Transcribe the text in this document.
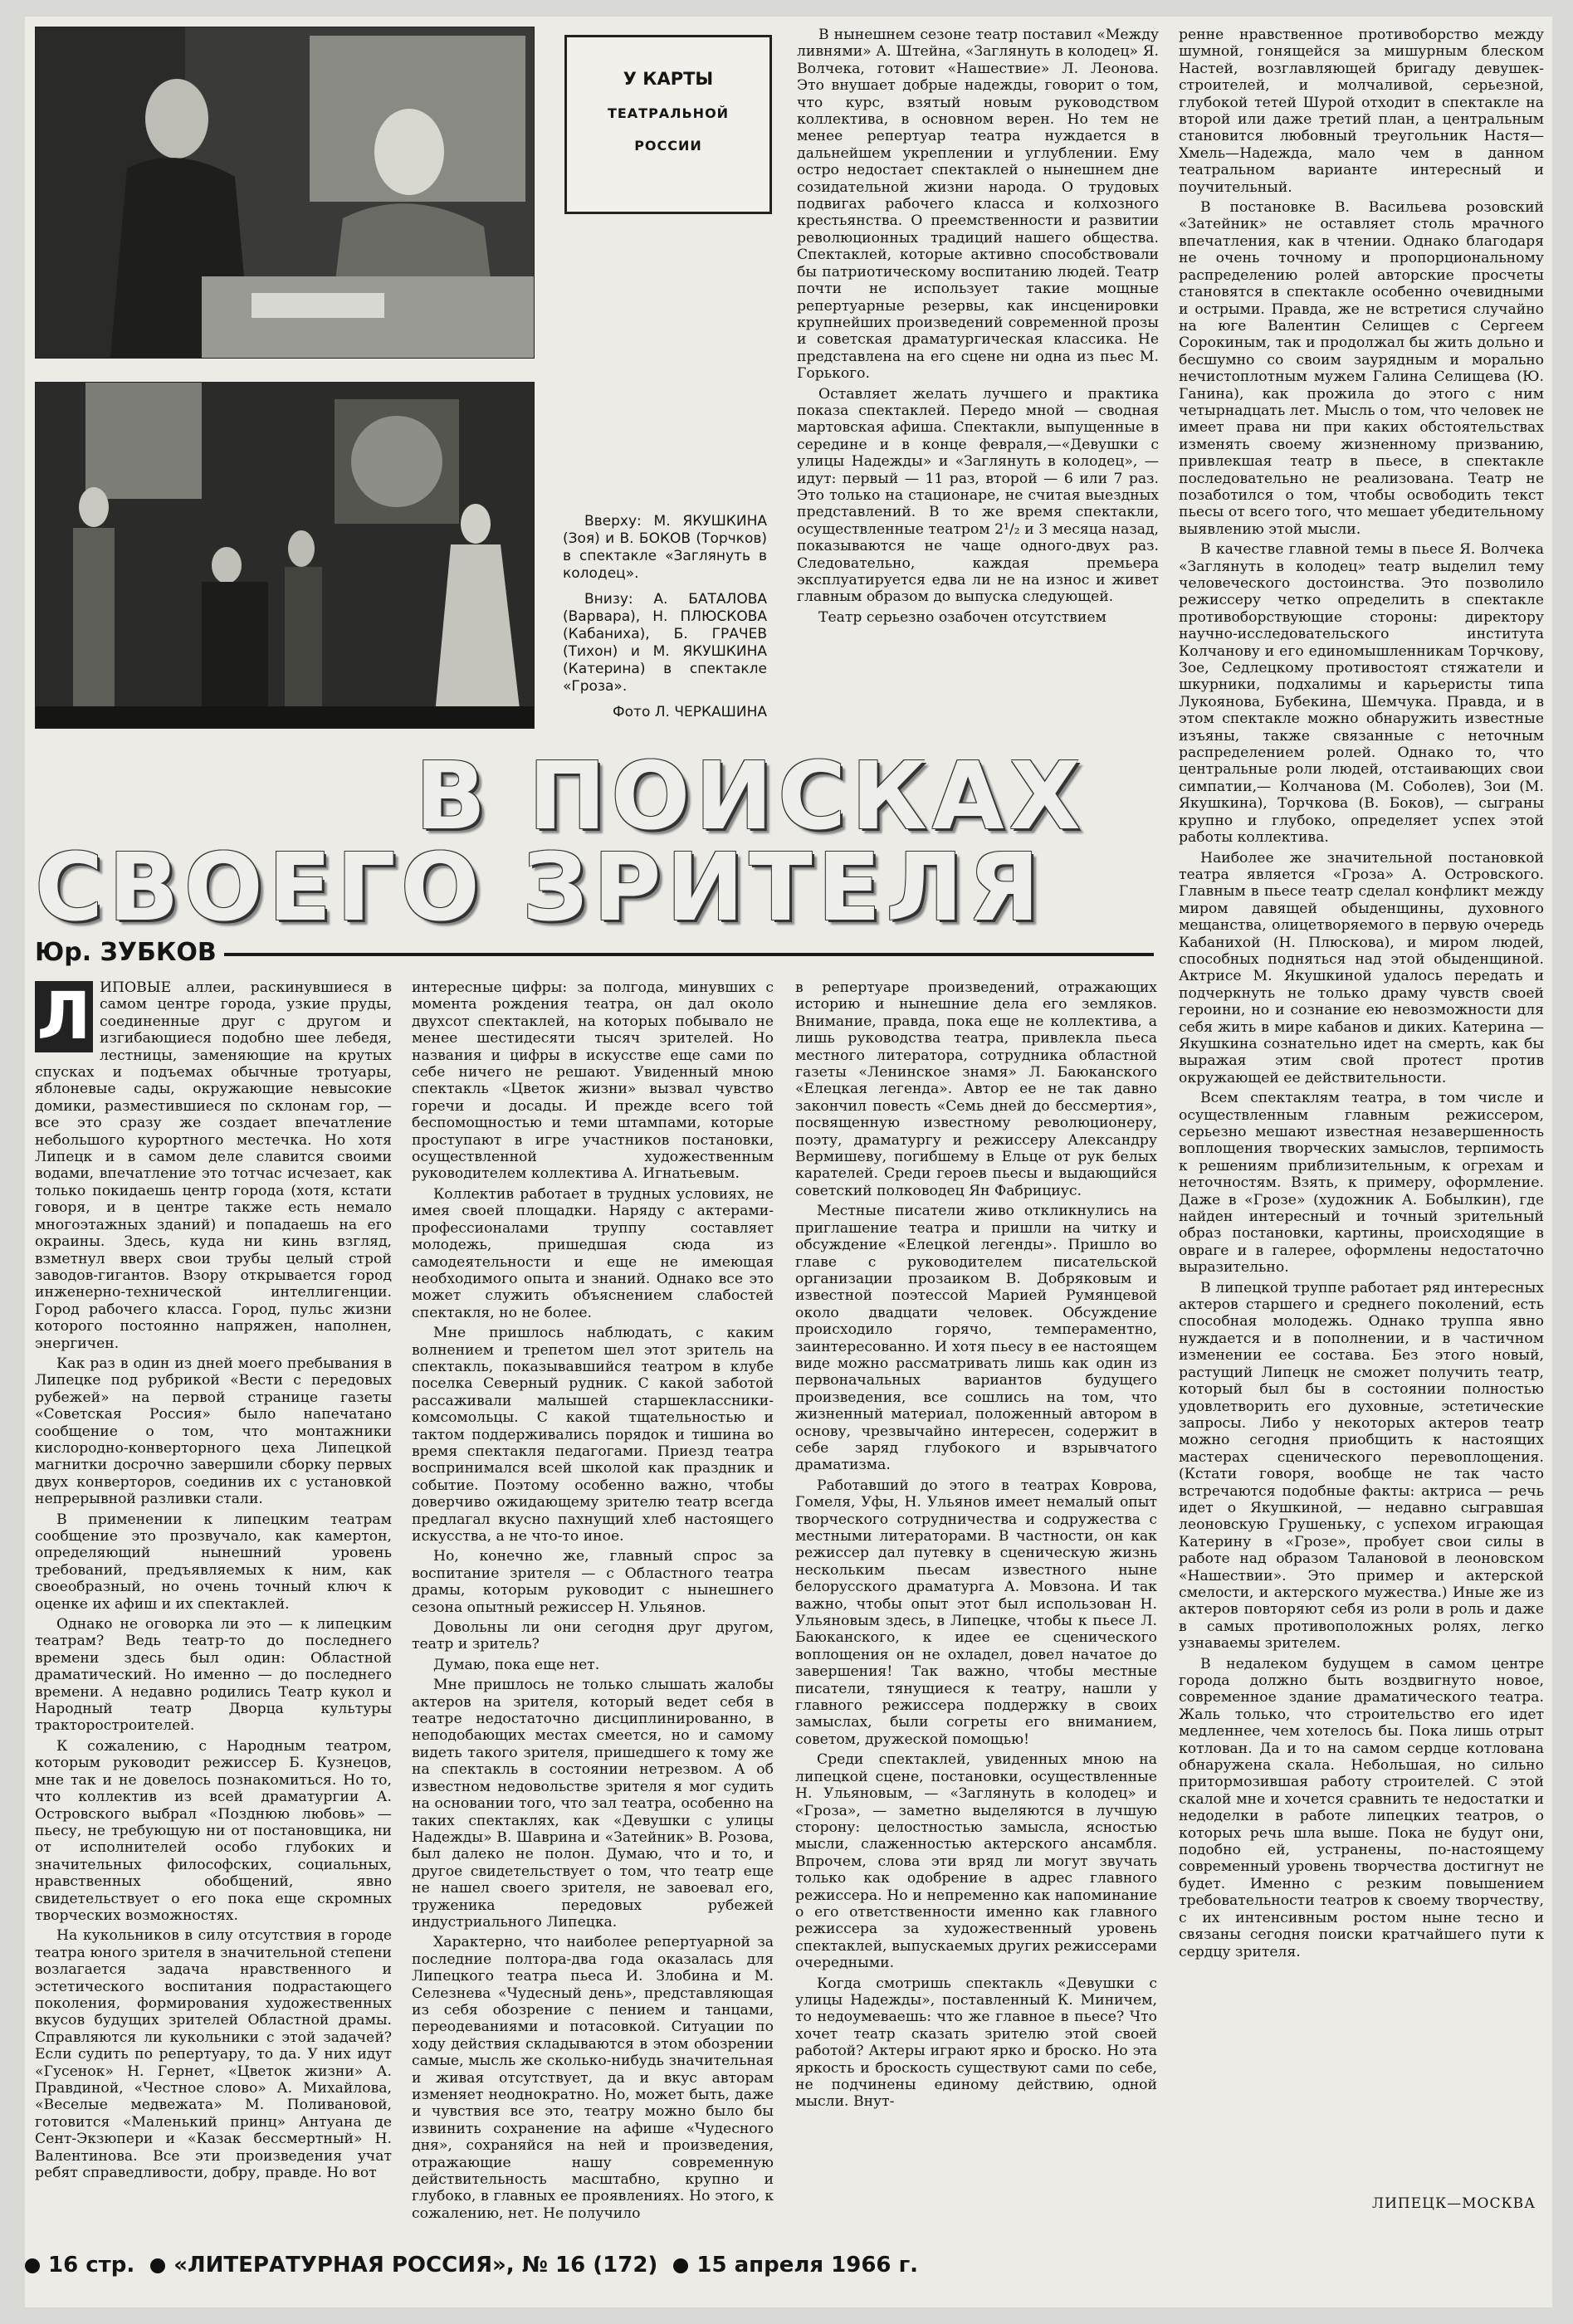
У КАРТЫ
ТЕАТРАЛЬНОЙ
РОССИИ

Вверху: М. ЯКУШКИНА (Зоя) и В. БОКОВ (Торчков) в спектакле «Заглянуть в колодец».

Внизу: А. БАТАЛОВА (Варвара), Н. ПЛЮСКОВА (Кабаниха), Б. ГРАЧЕВ (Тихон) и М. ЯКУШКИНА (Катерина) в спектакле «Гроза».

Фото Л. ЧЕРКАШИНА

В нынешнем сезоне театр поставил «Между ливнями» А. Штейна, «Заглянуть в колодец» Я. Волчека, готовит «Нашествие» Л. Леонова. Это внушает добрые надежды, говорит о том, что курс, взятый новым руководством коллектива, в основном верен. Но тем не менее репертуар театра нуждается в дальнейшем укреплении и углублении. Ему остро недостает спектаклей о нынешнем дне созидательной жизни народа. О трудовых подвигах рабочего класса и колхозного крестьянства. О преемственности и развитии революционных традиций нашего общества. Спектаклей, которые активно способствовали бы патриотическому воспитанию людей. Театр почти не использует такие мощные репертуарные резервы, как инсценировки крупнейших произведений современной прозы и советская драматургическая классика. Не представлена на его сцене ни одна из пьес М. Горького.

Оставляет желать лучшего и практика показа спектаклей. Передо мной — сводная мартовская афиша. Спектакли, выпущенные в середине и в конце февраля,—«Девушки с улицы Надежды» и «Заглянуть в колодец», — идут: первый — 11 раз, второй — 6 или 7 раз. Это только на стационаре, не считая выездных представлений. В то же время спектакли, осуществленные театром 2¹/₂ и 3 месяца назад, показываются не чаще одного-двух раз. Следовательно, каждая премьера эксплуатируется едва ли не на износ и живет главным образом до выпуска следующей.

Театр серьезно озабочен отсутствием

ренне нравственное противоборство между шумной, гонящейся за мишурным блеском Настей, возглавляющей бригаду девушек-строителей, и молчаливой, серьезной, глубокой тетей Шурой отходит в спектакле на второй или даже третий план, а центральным становится любовный треугольник Настя—Хмель—Надежда, мало чем в данном театральном варианте интересный и поучительный.

В постановке В. Васильева розовский «Затейник» не оставляет столь мрачного впечатления, как в чтении. Однако благодаря не очень точному и пропорциональному распределению ролей авторские просчеты становятся в спектакле особенно очевидными и острыми. Правда, же не встретися случайно на юге Валентин Селищев с Сергеем Сорокиным, так и продолжал бы жить дольно и бесшумно со своим заурядным и морально нечистоплотным мужем Галина Селищева (Ю. Ганина), как прожила до этого с ним четырнадцать лет. Мысль о том, что человек не имеет права ни при каких обстоятельствах изменять своему жизненному призванию, привлекшая театр в пьесе, в спектакле последовательно не реализована. Театр не позаботился о том, чтобы освободить текст пьесы от всего того, что мешает убедительному выявлению этой мысли.

В качестве главной темы в пьесе Я. Волчека «Заглянуть в колодец» театр выделил тему человеческого достоинства. Это позволило режиссеру четко определить в спектакле противоборствующие стороны: директору научно-исследовательского института Колчанову и его единомышленникам Торчкову, Зое, Седлецкому противостоят стяжатели и шкурники, подхалимы и карьеристы типа Лукоянова, Бубекина, Шемчука. Правда, и в этом спектакле можно обнаружить известные изъяны, также связанные с неточным распределением ролей. Однако то, что центральные роли людей, отстаивающих свои симпатии,— Колчанова (М. Соболев), Зои (М. Якушкина), Торчкова (В. Боков), — сыграны крупно и глубоко, определяет успех этой работы коллектива.

Наиболее же значительной постановкой театра является «Гроза» А. Островского. Главным в пьесе театр сделал конфликт между миром давящей обыденщины, духовного мещанства, олицетворяемого в первую очередь Кабанихой (Н. Плюскова), и миром людей, способных подняться над этой обыденщиной. Актрисе М. Якушкиной удалось передать и подчеркнуть не только драму чувств своей героини, но и сознание ею невозможности для себя жить в мире кабанов и диких. Катерина — Якушкина сознательно идет на смерть, как бы выражая этим свой протест против окружающей ее действительности.

Всем спектаклям театра, в том числе и осуществленным главным режиссером, серьезно мешают известная незавершенность воплощения творческих замыслов, терпимость к решениям приблизительным, к огрехам и неточностям. Взять, к примеру, оформление. Даже в «Грозе» (художник А. Бобылкин), где найден интересный и точный зрительный образ постановки, картины, происходящие в овраге и в галерее, оформлены недостаточно выразительно.

В липецкой труппе работает ряд интересных актеров старшего и среднего поколений, есть способная молодежь. Однако труппа явно нуждается и в пополнении, и в частичном изменении ее состава. Без этого новый, растущий Липецк не сможет получить театр, который был бы в состоянии полностью удовлетворить его духовные, эстетические запросы. Либо у некоторых актеров театр можно сегодня приобщить к настоящих мастерах сценического перевоплощения. (Кстати говоря, вообще не так часто встречаются подобные факты: актриса — речь идет о Якушкиной, — недавно сыгравшая леоновскую Грушеньку, с успехом играющая Катерину в «Грозе», пробует свои силы в работе над образом Талановой в леоновском «Нашествии». Это пример и актерской смелости, и актерского мужества.) Иные же из актеров повторяют себя из роли в роль и даже в самых противоположных ролях, легко узнаваемы зрителем.

В недалеком будущем в самом центре города должно быть воздвигнуто новое, современное здание драматического театра. Жаль только, что строительство его идет медленнее, чем хотелось бы. Пока лишь отрыт котлован. Да и то на самом сердце котлована обнаружена скала. Небольшая, но сильно притормозившая работу строителей. С этой скалой мне и хочется сравнить те недостатки и недоделки в работе липецких театров, о которых речь шла выше. Пока не будут они, подобно ей, устранены, по-настоящему современный уровень творчества достигнут не будет. Именно с резким повышением требовательности театров к своему творчеству, с их интенсивным ростом ныне тесно и связаны сегодня поиски кратчайшего пути к сердцу зрителя.

ЛИПЕЦК—МОСКВА
В ПОИСКАХ
СВОЕГО ЗРИТЕЛЯ
Юр. ЗУБКОВ

Л ИПОВЫЕ аллеи, раскинувшиеся в самом центре города, узкие пруды, соединенные друг с другом и изгибающиеся подобно шее лебедя, лестницы, заменяющие на крутых спусках и подъемах обычные тротуары, яблоневые сады, окружающие невысокие домики, разместившиеся по склонам гор, — все это сразу же создает впечатление небольшого курортного местечка. Но хотя Липецк и в самом деле славится своими водами, впечатление это тотчас исчезает, как только покидаешь центр города (хотя, кстати говоря, и в центре также есть немало многоэтажных зданий) и попадаешь на его окраины. Здесь, куда ни кинь взгляд, взметнул вверх свои трубы целый строй заводов-гигантов. Взору открывается город инженерно-технической интеллигенции. Город рабочего класса. Город, пульс жизни которого постоянно напряжен, наполнен, энергичен.

Как раз в один из дней моего пребывания в Липецке под рубрикой «Вести с передовых рубежей» на первой странице газеты «Советская Россия» было напечатано сообщение о том, что монтажники кислородно-конверторного цеха Липецкой магнитки досрочно завершили сборку первых двух конверторов, соединив их с установкой непрерывной разливки стали.

В применении к липецким театрам сообщение это прозвучало, как камертон, определяющий нынешний уровень требований, предъявляемых к ним, как своеобразный, но очень точный ключ к оценке их афиш и их спектаклей.

Однако не оговорка ли это — к липецким театрам? Ведь театр-то до последнего времени здесь был один: Областной драматический. Но именно — до последнего времени. А недавно родились Театр кукол и Народный театр Дворца культуры тракторостроителей.

К сожалению, с Народным театром, которым руководит режиссер Б. Кузнецов, мне так и не довелось познакомиться. Но то, что коллектив из всей драматургии А. Островского выбрал «Позднюю любовь» — пьесу, не требующую ни от постановщика, ни от исполнителей особо глубоких и значительных философских, социальных, нравственных обобщений, явно свидетельствует о его пока еще скромных творческих возможностях.

На кукольников в силу отсутствия в городе театра юного зрителя в значительной степени возлагается задача нравственного и эстетического воспитания подрастающего поколения, формирования художественных вкусов будущих зрителей Областной драмы. Справляются ли кукольники с этой задачей? Если судить по репертуару, то да. У них идут «Гусенок» Н. Гернет, «Цветок жизни» А. Правдиной, «Честное слово» А. Михайлова, «Веселые медвежата» М. Поливановой, готовится «Маленький принц» Антуана де Сент-Экзюпери и «Казак бессмертный» Н. Валентинова. Все эти произведения учат ребят справедливости, добру, правде. Но вот

интересные цифры: за полгода, минувших с момента рождения театра, он дал около двухсот спектаклей, на которых побывало не менее шестидесяти тысяч зрителей. Но названия и цифры в искусстве еще сами по себе ничего не решают. Увиденный мною спектакль «Цветок жизни» вызвал чувство горечи и досады. И прежде всего той беспомощностью и теми штампами, которые проступают в игре участников постановки, осуществленной художественным руководителем коллектива А. Игнатьевым.

Коллектив работает в трудных условиях, не имея своей площадки. Наряду с актерами-профессионалами труппу составляет молодежь, пришедшая сюда из самодеятельности и еще не имеющая необходимого опыта и знаний. Однако все это может служить объяснением слабостей спектакля, но не более.

Мне пришлось наблюдать, с каким волнением и трепетом шел этот зритель на спектакль, показывавшийся театром в клубе поселка Северный рудник. С какой заботой рассаживали малышей старшеклассники-комсомольцы. С какой тщательностью и тактом поддерживались порядок и тишина во время спектакля педагогами. Приезд театра воспринимался всей школой как праздник и событие. Поэтому особенно важно, чтобы доверчиво ожидающему зрителю театр всегда предлагал вкусно пахнущий хлеб настоящего искусства, а не что-то иное.

Но, конечно же, главный спрос за воспитание зрителя — с Областного театра драмы, которым руководит с нынешнего сезона опытный режиссер Н. Ульянов.

Довольны ли они сегодня друг другом, театр и зритель?

Думаю, пока еще нет.

Мне пришлось не только слышать жалобы актеров на зрителя, который ведет себя в театре недостаточно дисциплинированно, в неподобающих местах смеется, но и самому видеть такого зрителя, пришедшего к тому же на спектакль в состоянии нетрезвом. А об известном недовольстве зрителя я мог судить на основании того, что зал театра, особенно на таких спектаклях, как «Девушки с улицы Надежды» В. Шаврина и «Затейник» В. Розова, был далеко не полон. Думаю, что и то, и другое свидетельствует о том, что театр еще не нашел своего зрителя, не завоевал его, труженика передовых рубежей индустриального Липецка.

Характерно, что наиболее репертуарной за последние полтора-два года оказалась для Липецкого театра пьеса И. Злобина и М. Селезнева «Чудесный день», представляющая из себя обозрение с пением и танцами, переодеваниями и потасовкой. Ситуации по ходу действия складываются в этом обозрении самые, мысль же сколько-нибудь значительная и живая отсутствует, да и вкус авторам изменяет неоднократно. Но, может быть, даже и чувствия все это, театру можно было бы извинить сохранение на афише «Чудесного дня», сохраняйся на ней и произведения, отражающие нашу современную действительность масштабно, крупно и глубоко, в главных ее проявлениях. Но этого, к сожалению, нет. Не получило

в репертуаре произведений, отражающих историю и нынешние дела его земляков. Внимание, правда, пока еще не коллектива, а лишь руководства театра, привлекла пьеса местного литератора, сотрудника областной газеты «Ленинское знамя» Л. Баюканского «Елецкая легенда». Автор ее не так давно закончил повесть «Семь дней до бессмертия», посвященную известному революционеру, поэту, драматургу и режиссеру Александру Вермишеву, погибшему в Ельце от рук белых карателей. Среди героев пьесы и выдающийся советский полководец Ян Фабрициус.

Местные писатели живо откликнулись на приглашение театра и пришли на читку и обсуждение «Елецкой легенды». Пришло во главе с руководителем писательской организации прозаиком В. Добряковым и известной поэтессой Марией Румянцевой около двадцати человек. Обсуждение происходило горячо, темпераментно, заинтересованно. И хотя пьесу в ее настоящем виде можно рассматривать лишь как один из первоначальных вариантов будущего произведения, все сошлись на том, что жизненный материал, положенный автором в основу, чрезвычайно интересен, содержит в себе заряд глубокого и взрывчатого драматизма.

Работавший до этого в театрах Коврова, Гомеля, Уфы, Н. Ульянов имеет немалый опыт творческого сотрудничества и содружества с местными литераторами. В частности, он как режиссер дал путевку в сценическую жизнь нескольким пьесам известного ныне белорусского драматурга А. Мовзона. И так важно, чтобы опыт этот был использован Н. Ульяновым здесь, в Липецке, чтобы к пьесе Л. Баюканского, к идее ее сценического воплощения он не охладел, довел начатое до завершения! Так важно, чтобы местные писатели, тянущиеся к театру, нашли у главного режиссера поддержку в своих замыслах, были согреты его вниманием, советом, дружеской помощью!

Среди спектаклей, увиденных мною на липецкой сцене, постановки, осуществленные Н. Ульяновым, — «Заглянуть в колодец» и «Гроза», — заметно выделяются в лучшую сторону: целостностью замысла, ясностью мысли, слаженностью актерского ансамбля. Впрочем, слова эти вряд ли могут звучать только как одобрение в адрес главного режиссера. Но и непременно как напоминание о его ответственности именно как главного режиссера за художественный уровень спектаклей, выпускаемых других режиссерами очередными.

Когда смотришь спектакль «Девушки с улицы Надежды», поставленный К. Миничем, то недоумеваешь: что же главное в пьесе? Что хочет театр сказать зрителю этой своей работой? Актеры играют ярко и броско. Но эта яркость и броскость существуют сами по себе, не подчинены единому действию, одной мысли. Внут-

16 стр. «ЛИТЕРАТУРНАЯ РОССИЯ», № 16 (172) 15 апреля 1966 г.
